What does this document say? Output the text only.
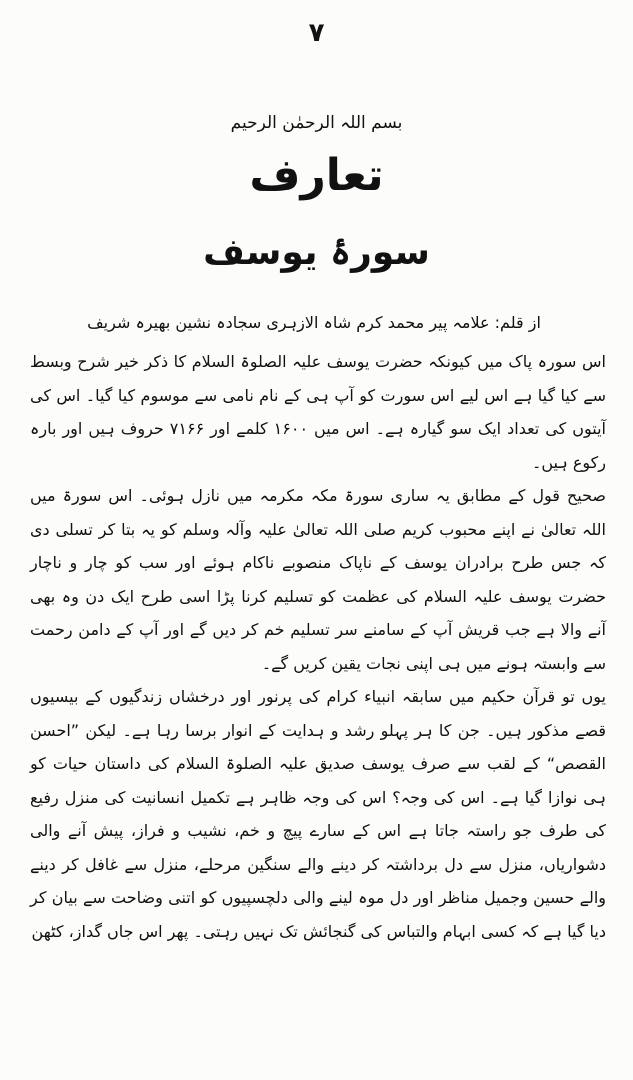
۷
بسم اللہ الرحمٰن الرحیم
تعارف
سورۂ یوسف
از قلم: علامہ پیر محمد کرم شاہ الازہری سجادہ نشین بھیرہ شریف

اس سورہ پاک میں کیونکہ حضرت یوسف علیہ الصلوۃ السلام کا ذکر خیر شرح وبسط سے کیا گیا ہے اس لیے اس سورت کو آپ ہی کے نام نامی سے موسوم کیا گیا۔ اس کی آیتوں کی تعداد ایک سو گیارہ ہے۔ اس میں ۱۶۰۰ کلمے اور ۷۱۶۶ حروف ہیں اور بارہ رکوع ہیں۔

صحیح قول کے مطابق یہ ساری سورۃ مکہ مکرمہ میں نازل ہوئی۔ اس سورۃ میں اللہ تعالیٰ نے اپنے محبوب کریم صلی اللہ تعالیٰ علیہ وآلہ وسلم کو یہ بتا کر تسلی دی کہ جس طرح برادران یوسف کے ناپاک منصوبے ناکام ہوئے اور سب کو چار و ناچار حضرت یوسف علیہ السلام کی عظمت کو تسلیم کرنا پڑا اسی طرح ایک دن وہ بھی آنے والا ہے جب قریش آپ کے سامنے سر تسلیم خم کر دیں گے اور آپ کے دامن رحمت سے وابستہ ہونے میں ہی اپنی نجات یقین کریں گے۔

یوں تو قرآن حکیم میں سابقہ انبیاء کرام کی پرنور اور درخشاں زندگیوں کے بیسیوں قصے مذکور ہیں۔ جن کا ہر پہلو رشد و ہدایت کے انوار برسا رہا ہے۔ لیکن ”احسن القصص“ کے لقب سے صرف یوسف صدیق علیہ الصلوۃ السلام کی داستان حیات کو ہی نوازا گیا ہے۔ اس کی وجہ؟ اس کی وجہ ظاہر ہے تکمیل انسانیت کی منزل رفیع کی طرف جو راستہ جاتا ہے اس کے سارے پیچ و خم، نشیب و فراز، پیش آنے والی دشواریاں، منزل سے دل برداشتہ کر دینے والے سنگین مرحلے، منزل سے غافل کر دینے والے حسین وجمیل مناظر اور دل موہ لینے والی دلچسپیوں کو اتنی وضاحت سے بیان کر دیا گیا ہے کہ کسی ابہام والتباس کی گنجائش تک نہیں رہتی۔ پھر اس جاں گداز، کٹھن
